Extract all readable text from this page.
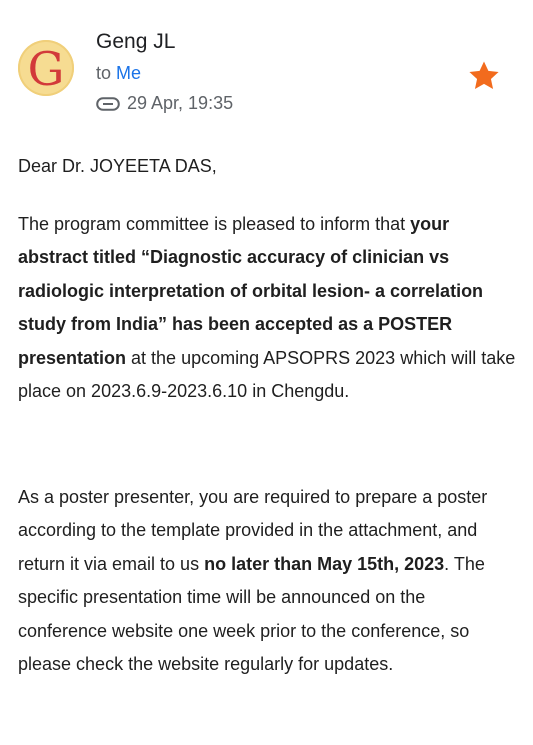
G
Geng JL
to Me
29 Apr, 19:35

Dear Dr. JOYEETA DAS,

The program committee is pleased to inform that your abstract titled “Diagnostic accuracy of clinician vs radiologic interpretation of orbital lesion- a correlation study from India” has been accepted as a POSTER presentation at the upcoming APSOPRS 2023 which will take place on 2023.6.9-2023.6.10 in Chengdu.

As a poster presenter, you are required to prepare a poster according to the template provided in the attachment, and return it via email to us no later than May 15th, 2023. The specific presentation time will be announced on the conference website one week prior to the conference, so please check the website regularly for updates.
